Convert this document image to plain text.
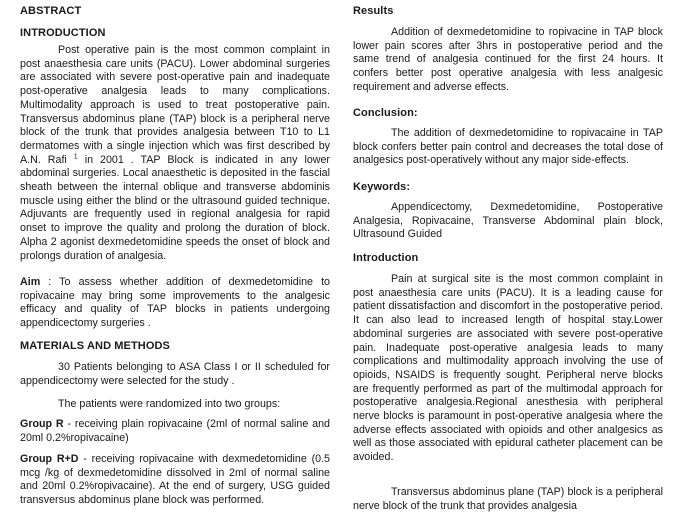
ABSTRACT
INTRODUCTION

Post operative pain is the most common complaint in post anaesthesia care units (PACU). Lower abdominal surgeries are associated with severe post-operative pain and inadequate post-operative analgesia leads to many complications. Multimodality approach is used to treat postoperative pain. Transversus abdominus plane (TAP) block is a peripheral nerve block of the trunk that provides analgesia between T10 to L1 dermatomes with a single injection which was first described by A.N. Rafi $^1$ in 2001 . TAP Block is indicated in any lower abdominal surgeries. Local anaesthetic is deposited in the fascial sheath between the internal oblique and transverse abdominis muscle using either the blind or the ultrasound guided technique. Adjuvants are frequently used in regional analgesia for rapid onset to improve the quality and prolong the duration of block. Alpha 2 agonist dexmedetomidine speeds the onset of block and prolongs duration of analgesia.

Aim : To assess whether addition of dexmedetomidine to ropivacaine may bring some improvements to the analgesic efficacy and quality of TAP blocks in patients undergoing appendicectomy surgeries .

MATERIALS AND METHODS

30 Patients belonging to ASA Class I or II scheduled for appendicectomy were selected for the study .

The patients were randomized into two groups:

Group R - receiving plain ropivacaine (2ml of normal saline and 20ml 0.2%ropivacaine)

Group R+D - receiving ropivacaine with dexmedetomidine (0.5 mcg /kg of dexmedetomidine dissolved in 2ml of normal saline and 20ml 0.2%ropivacaine). At the end of surgery, USG guided transversus abdominus plane block was performed.

Results

Addition of dexmedetomidine to ropivacine in TAP block lower pain scores after 3hrs in postoperative period and the same trend of analgesia continued for the first 24 hours. It confers better post operative analgesia with less analgesic requirement and adverse effects.

Conclusion:

The addition of dexmedetomidine to ropivacaine in TAP block confers better pain control and decreases the total dose of analgesics post-operatively without any major side-effects.

Keywords:

Appendicectomy, Dexmedetomidine, Postoperative Analgesia, Ropivacaine, Transverse Abdominal plain block, Ultrasound Guided

Introduction

Pain at surgical site is the most common complaint in post anaesthesia care units (PACU). It is a leading cause for patient dissatisfaction and discomfort in the postoperative period. It can also lead to increased length of hospital stay.Lower abdominal surgeries are associated with severe post-operative pain. Inadequate post-operative analgesia leads to many complications and multimodality approach involving the use of opioids, NSAIDS is frequently sought. Peripheral nerve blocks are frequently performed as part of the multimodal approach for postoperative analgesia.Regional anesthesia with peripheral nerve blocks is paramount in post-operative analgesia where the adverse effects associated with opioids and other analgesics as well as those associated with epidural catheter placement can be avoided.

Transversus abdominus plane (TAP) block is a peripheral nerve block of the trunk that provides analgesia
